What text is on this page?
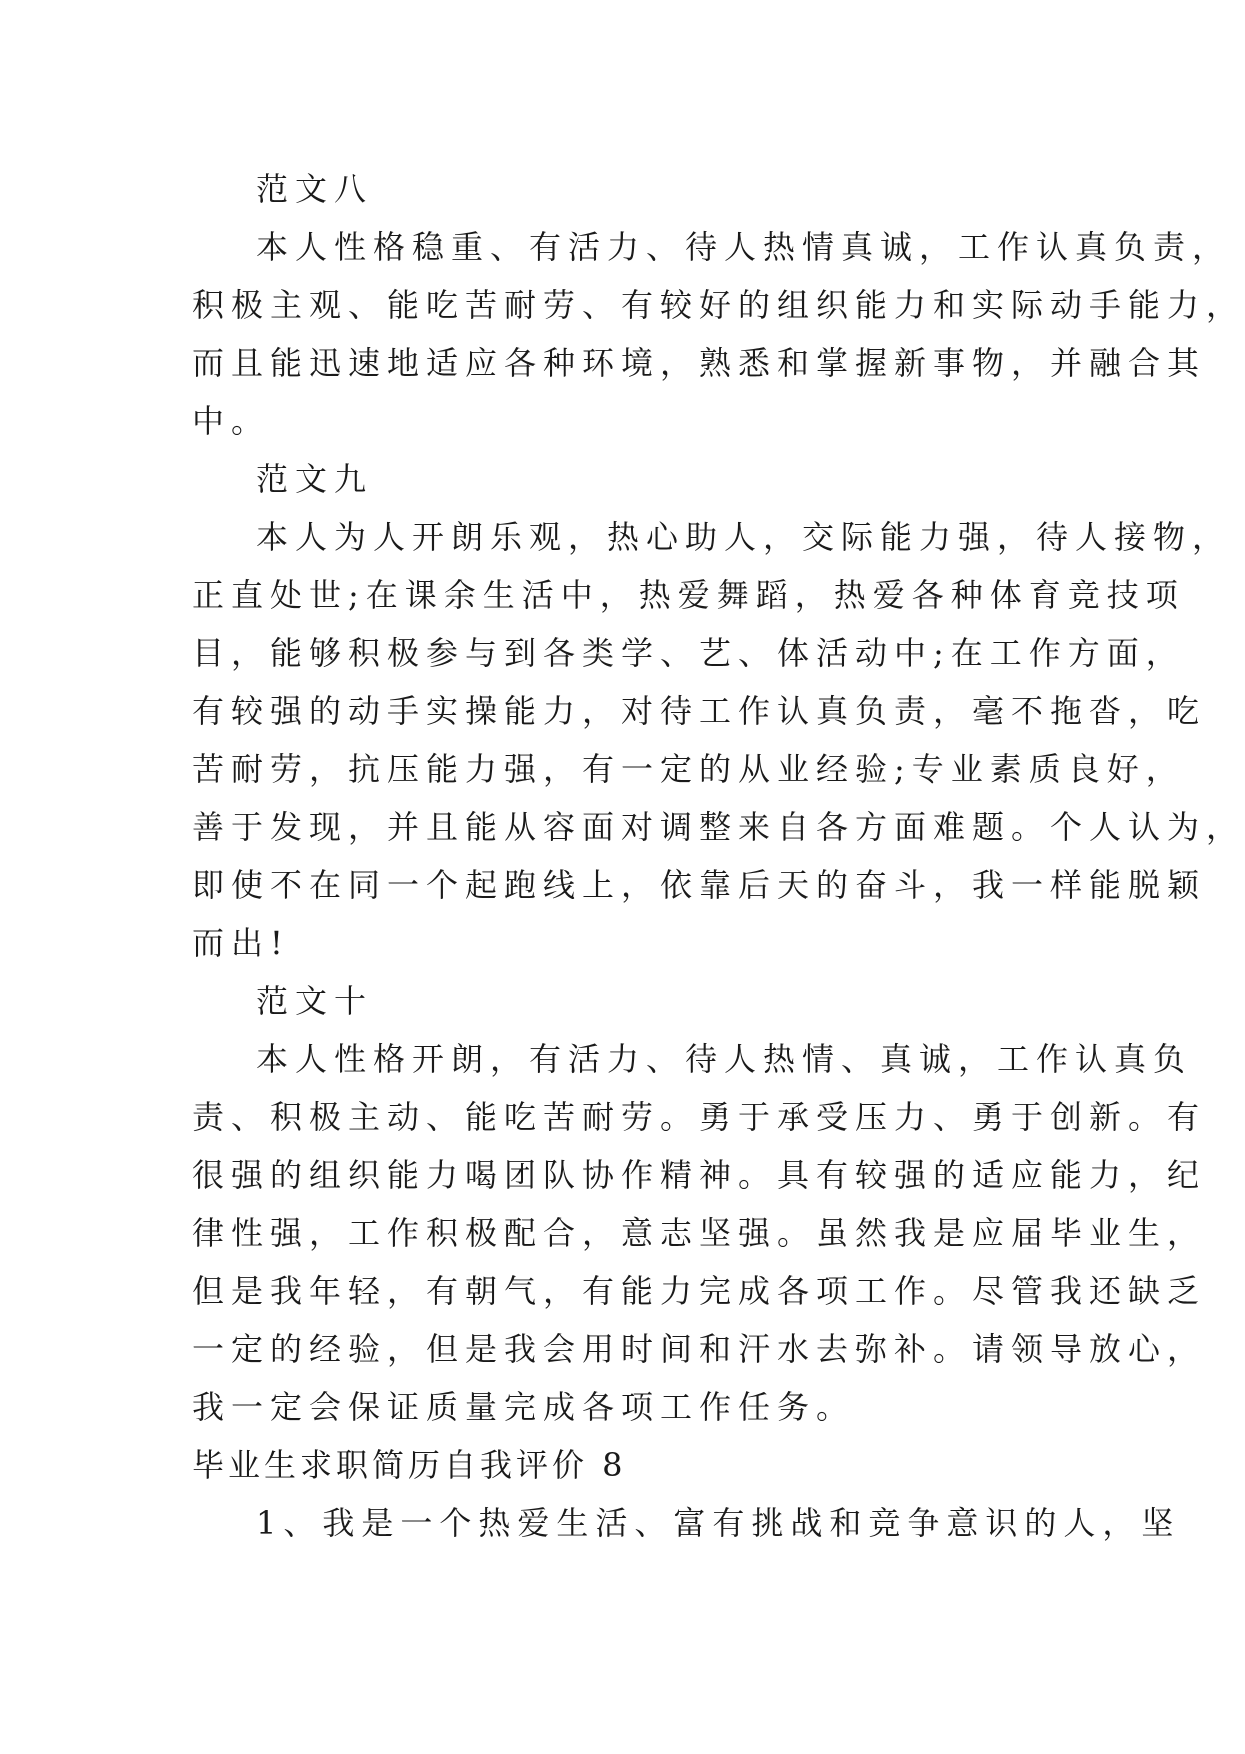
范文八
本人性格稳重、有活力、待人热情真诚，工作认真负责，
积极主观、能吃苦耐劳、有较好的组织能力和实际动手能力，
而且能迅速地适应各种环境，熟悉和掌握新事物，并融合其
中。
范文九
本人为人开朗乐观，热心助人，交际能力强，待人接物，
正直处世;在课余生活中，热爱舞蹈，热爱各种体育竞技项
目，能够积极参与到各类学、艺、体活动中;在工作方面，
有较强的动手实操能力，对待工作认真负责，毫不拖沓，吃
苦耐劳，抗压能力强，有一定的从业经验;专业素质良好，
善于发现，并且能从容面对调整来自各方面难题。个人认为，
即使不在同一个起跑线上，依靠后天的奋斗，我一样能脱颖
而出!
范文十
本人性格开朗，有活力、待人热情、真诚，工作认真负
责、积极主动、能吃苦耐劳。勇于承受压力、勇于创新。有
很强的组织能力喝团队协作精神。具有较强的适应能力，纪
律性强，工作积极配合，意志坚强。虽然我是应届毕业生，
但是我年轻，有朝气，有能力完成各项工作。尽管我还缺乏
一定的经验，但是我会用时间和汗水去弥补。请领导放心，
我一定会保证质量完成各项工作任务。
毕业生求职简历自我评价 8
1、我是一个热爱生活、富有挑战和竞争意识的人，坚
